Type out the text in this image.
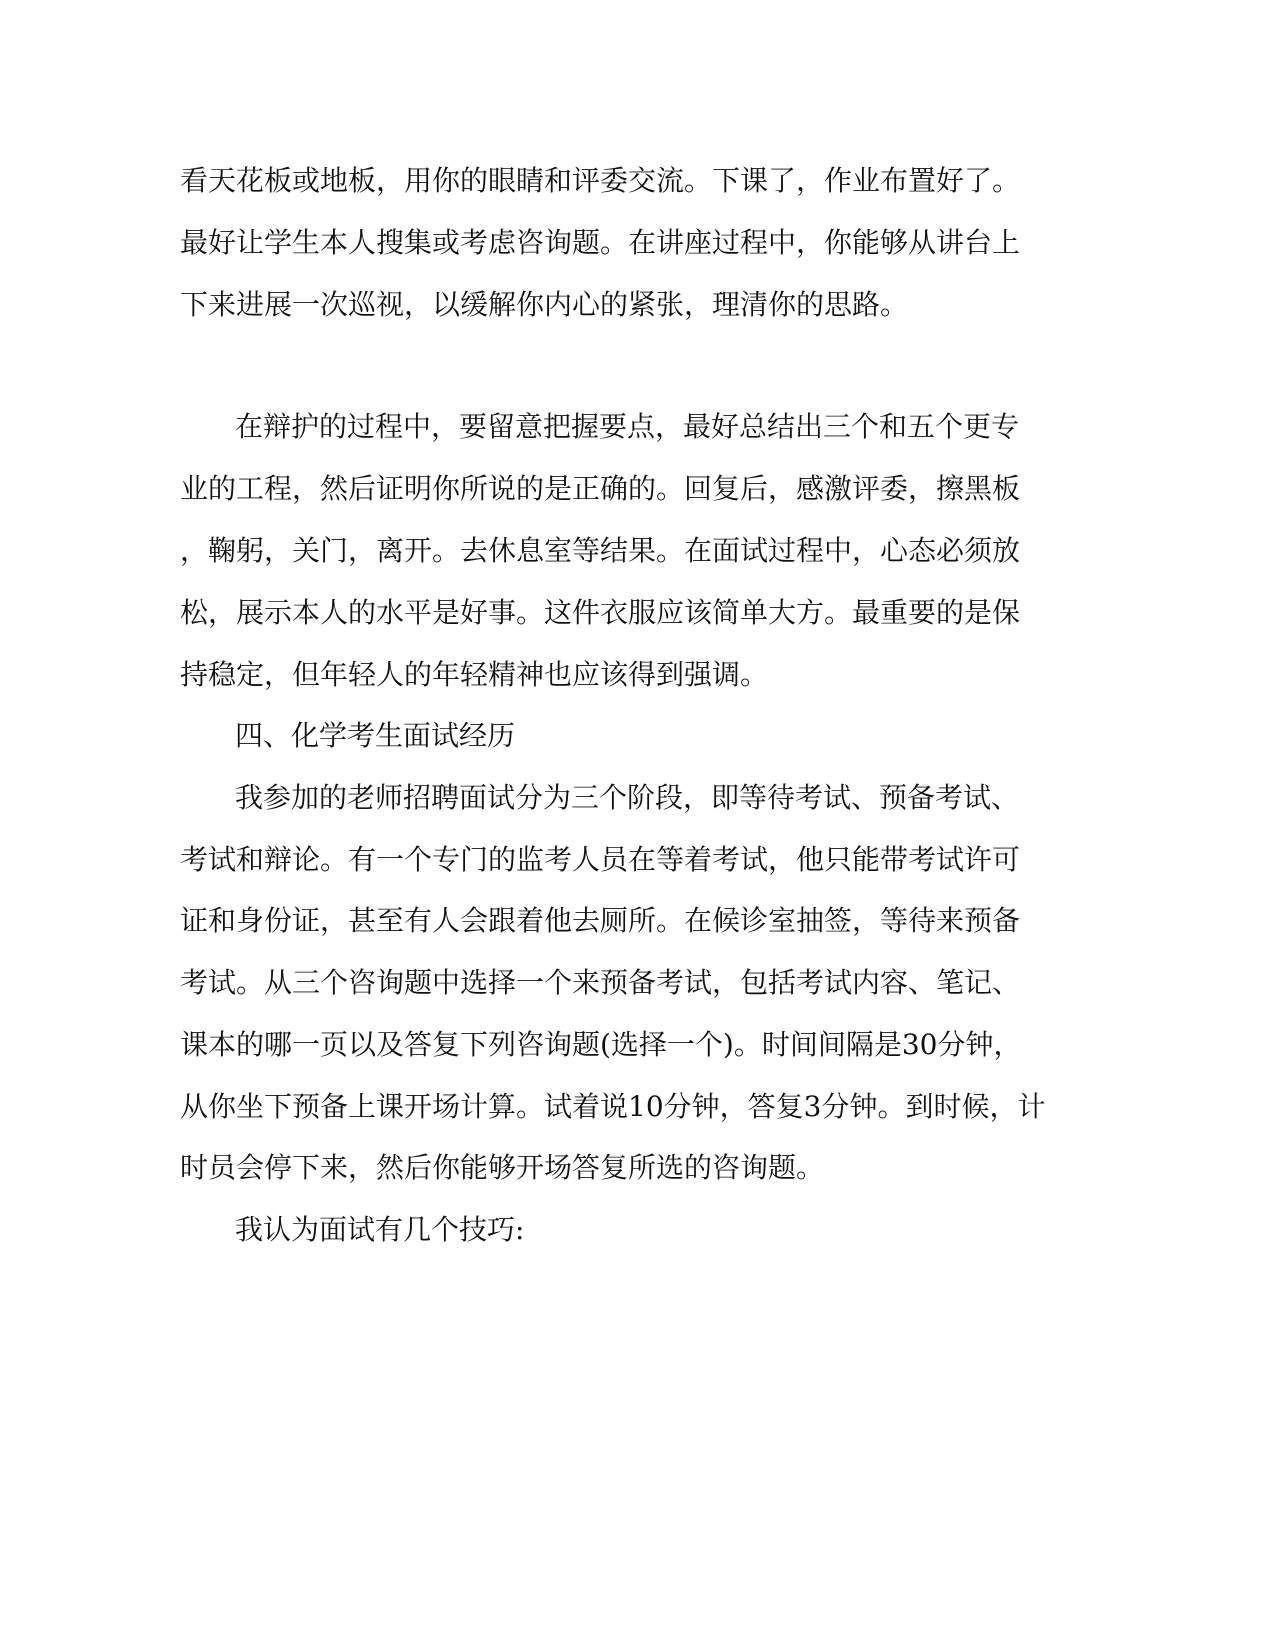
看天花板或地板，用你的眼睛和评委交流。下课了，作业布置好了。

最好让学生本人搜集或考虑咨询题。在讲座过程中，你能够从讲台上

下来进展一次巡视，以缓解你内心的紧张，理清你的思路。

在辩护的过程中，要留意把握要点，最好总结出三个和五个更专

业的工程，然后证明你所说的是正确的。回复后，感激评委，擦黑板

，鞠躬，关门，离开。去休息室等结果。在面试过程中，心态必须放

松，展示本人的水平是好事。这件衣服应该简单大方。最重要的是保

持稳定，但年轻人的年轻精神也应该得到强调。

四、化学考生面试经历

我参加的老师招聘面试分为三个阶段，即等待考试、预备考试、

考试和辩论。有一个专门的监考人员在等着考试，他只能带考试许可

证和身份证，甚至有人会跟着他去厕所。在候诊室抽签，等待来预备

考试。从三个咨询题中选择一个来预备考试，包括考试内容、笔记、

课本的哪一页以及答复下列咨询题(选择一个)。时间间隔是30分钟，

从你坐下预备上课开场计算。试着说10分钟，答复3分钟。到时候，计

时员会停下来，然后你能够开场答复所选的咨询题。

我认为面试有几个技巧:
